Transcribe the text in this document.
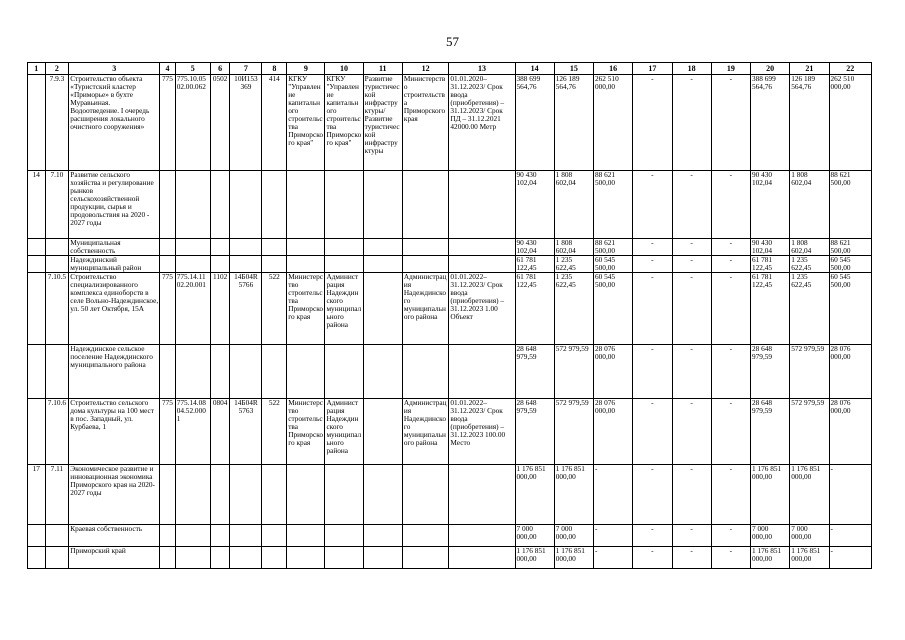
57
1	2	3	4	5	6	7	8	9	10	11	12	13	14	15	16	17	18	19	20	21	22
	7.9.3	Строительство объекта «Туристский кластер «Приморье» в бухте Муравьиная. Водоотведение. I очередь расширения локального очистного сооружения»	775	775.10.05 02.00.062	0502	10И153 369	414	КГКУ "Управление капитального строительства Приморского края"	КГКУ "Управление капитального строительства Приморского края"	Развитие туристической инфраструктуры/Развитие туристической инфраструктуры	Министерство строительства Приморского края	01.01.2020–31.12.2023/ Срок ввода (приобретения) – 31.12.2023/ Срок ПД – 31.12.2021 42000.00 Метр	388 699 564,76	126 189 564,76	262 510 000,00	-	-	-	388 699 564,76	126 189 564,76	262 510 000,00
14	7.10	Развитие сельского хозяйства и регулирование рынков сельскохозяйственной продукции, сырья и продовольствия на 2020 - 2027 годы											90 430 102,04	1 808 602,04	88 621 500,00	-	-	-	90 430 102,04	1 808 602,04	88 621 500,00
		Муниципальная собственность											90 430 102,04	1 808 602,04	88 621 500,00	-	-	-	90 430 102,04	1 808 602,04	88 621 500,00
		Надеждинский муниципальный район											61 781 122,45	1 235 622,45	60 545 500,00	-	-	-	61 781 122,45	1 235 622,45	60 545 500,00
	7.10.5	Строительство специализированного комплекса единоборств в селе Вольно-Надеждинское, ул. 50 лет Октября, 15А	775	775.14.11 02.20.001	1102	14Б04R 5766	522	Министерство строительства Приморского края	Администрация Надеждинского муниципального района		Администрация Надеждинского муниципального района	01.01.2022–31.12.2023/ Срок ввода (приобретения) – 31.12.2023 1.00 Объект	61 781 122,45	1 235 622,45	60 545 500,00	-	-	-	61 781 122,45	1 235 622,45	60 545 500,00
		Надеждинское сельское поселение Надеждинского муниципального района											28 648 979,59	572 979,59	28 076 000,00	-	-	-	28 648 979,59	572 979,59	28 076 000,00
	7.10.6	Строительство сельского дома культуры на 100 мест в пос. Западный, ул. Курбаева, 1	775	775.14.08 04.52.000 1	0804	14Б04R 5763	522	Министерство строительства Приморского края	Администрация Надеждинского муниципального района		Администрация Надеждинского муниципального района	01.01.2022–31.12.2023/ Срок ввода (приобретения) – 31.12.2023 100.00 Место	28 648 979,59	572 979,59	28 076 000,00	-	-	-	28 648 979,59	572 979,59	28 076 000,00
17	7.11	Экономическое развитие и инновационная экономика Приморского края на 2020-2027 годы											1 176 851 000,00	1 176 851 000,00	-	-	-	-	1 176 851 000,00	1 176 851 000,00	-
		Краевая собственность											7 000 000,00	7 000 000,00	-	-	-	-	7 000 000,00	7 000 000,00	-
		Приморский край											1 176 851 000,00	1 176 851 000,00	-	-	-	-	1 176 851 000,00	1 176 851 000,00	-
